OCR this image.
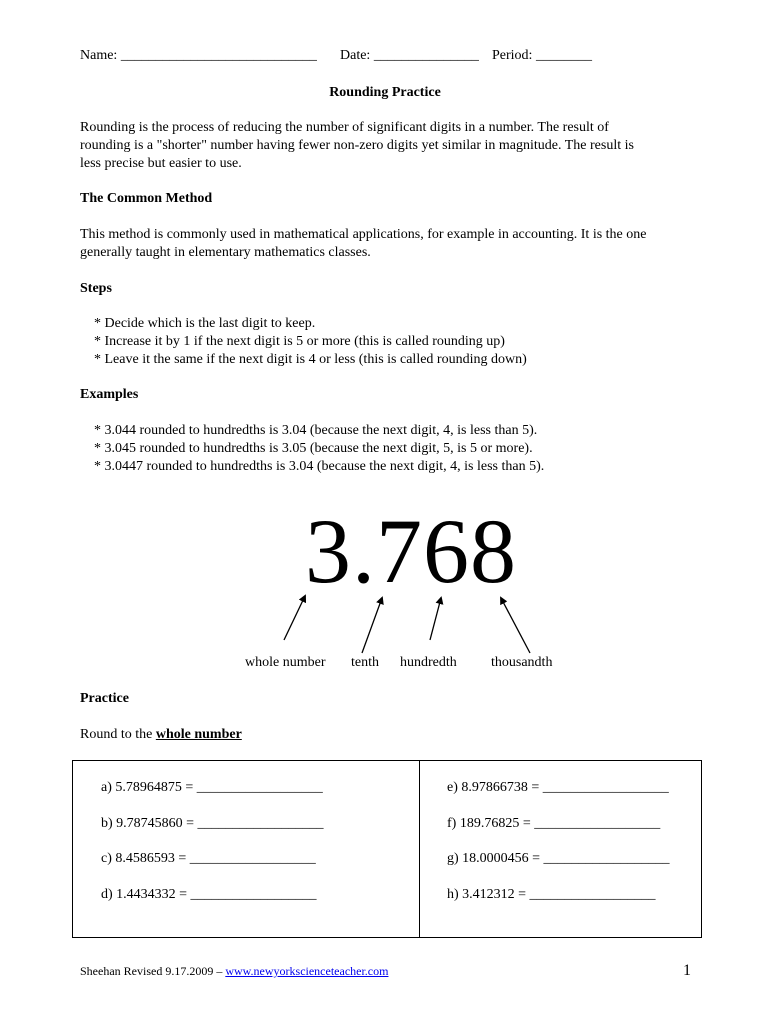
Name: ____________________________ Date: _______________ Period: ________
Rounding Practice
Rounding is the process of reducing the number of significant digits in a number. The result of
rounding is a "shorter" number having fewer non-zero digits yet similar in magnitude. The result is
less precise but easier to use.
The Common Method
This method is commonly used in mathematical applications, for example in accounting. It is the one
generally taught in elementary mathematics classes.
Steps
* Decide which is the last digit to keep.
* Increase it by 1 if the next digit is 5 or more (this is called rounding up)
* Leave it the same if the next digit is 4 or less (this is called rounding down)
Examples
* 3.044 rounded to hundredths is 3.04 (because the next digit, 4, is less than 5).
* 3.045 rounded to hundredths is 3.05 (because the next digit, 5, is 5 or more).
* 3.0447 rounded to hundredths is 3.04 (because the next digit, 4, is less than 5).
3.768
whole number tenth hundredth thousandth
Practice
Round to the whole number
a) 5.78964875 = __________________
b) 9.78745860 = __________________
c) 8.4586593 = __________________
d) 1.4434332 = __________________
e) 8.97866738 = __________________
f) 189.76825 = __________________
g) 18.0000456 = __________________
h) 3.412312 = __________________
Sheehan Revised 9.17.2009 – www.newyorkscienceteacher.com	1
